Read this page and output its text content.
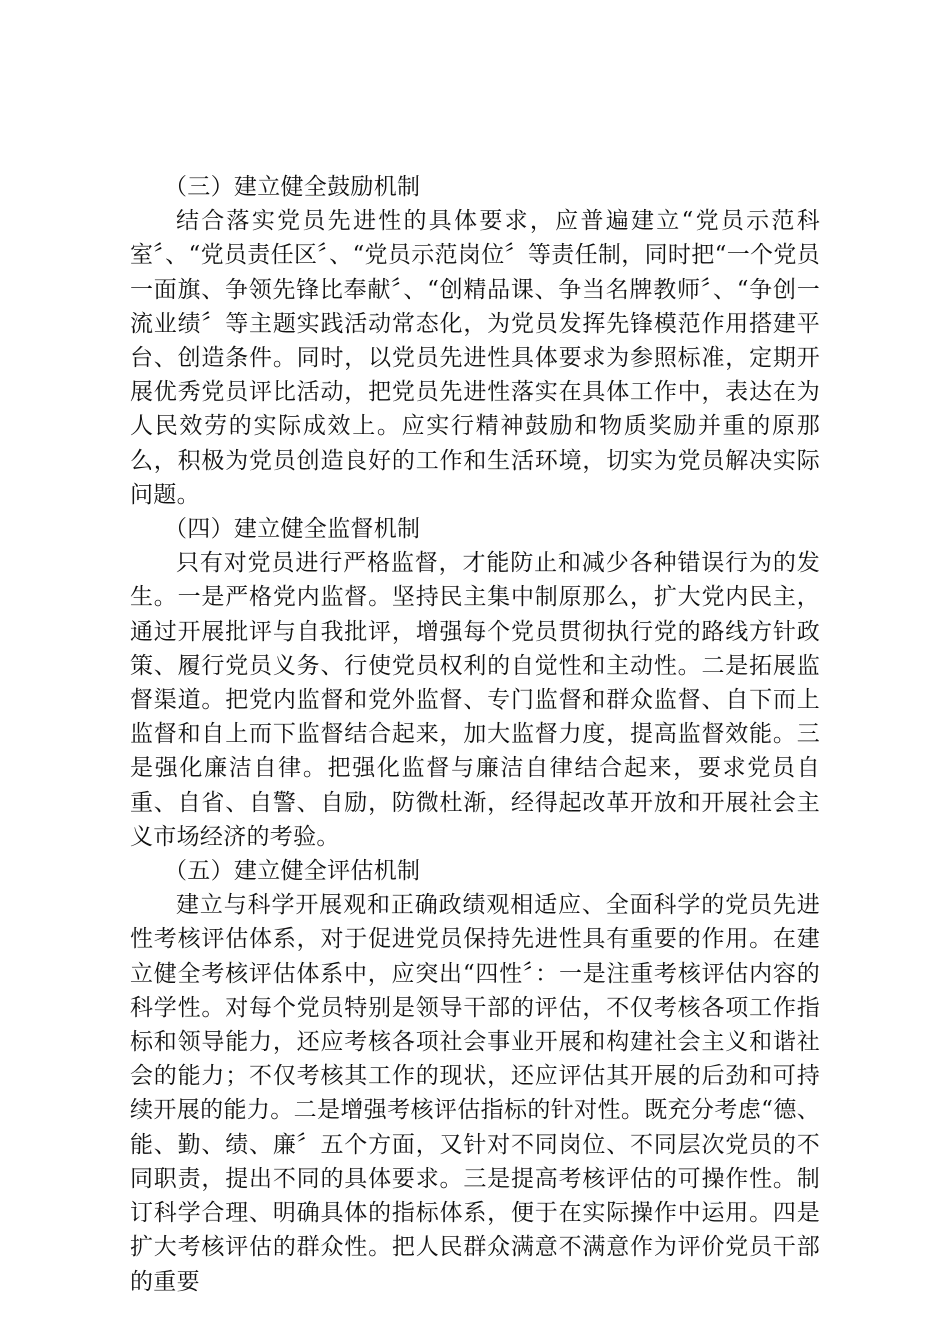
（三）建立健全鼓励机制

结合落实党员先进性的具体要求，应普遍建立“党员示范科室〞、“党员责任区〞、“党员示范岗位〞等责任制，同时把“一个党员一面旗、争领先锋比奉献〞、“创精品课、争当名牌教师〞、“争创一流业绩〞等主题实践活动常态化，为党员发挥先锋模范作用搭建平台、创造条件。同时，以党员先进性具体要求为参照标准，定期开展优秀党员评比活动，把党员先进性落实在具体工作中，表达在为人民效劳的实际成效上。应实行精神鼓励和物质奖励并重的原那么，积极为党员创造良好的工作和生活环境，切实为党员解决实际问题。

（四）建立健全监督机制

只有对党员进行严格监督，才能防止和减少各种错误行为的发生。一是严格党内监督。坚持民主集中制原那么，扩大党内民主，通过开展批评与自我批评，增强每个党员贯彻执行党的路线方针政策、履行党员义务、行使党员权利的自觉性和主动性。二是拓展监督渠道。把党内监督和党外监督、专门监督和群众监督、自下而上监督和自上而下监督结合起来，加大监督力度，提高监督效能。三是强化廉洁自律。把强化监督与廉洁自律结合起来，要求党员自重、自省、自警、自励，防微杜渐，经得起改革开放和开展社会主义市场经济的考验。

（五）建立健全评估机制

建立与科学开展观和正确政绩观相适应、全面科学的党员先进性考核评估体系，对于促进党员保持先进性具有重要的作用。在建立健全考核评估体系中，应突出“四性〞：一是注重考核评估内容的科学性。对每个党员特别是领导干部的评估，不仅考核各项工作指标和领导能力，还应考核各项社会事业开展和构建社会主义和谐社会的能力；不仅考核其工作的现状，还应评估其开展的后劲和可持续开展的能力。二是增强考核评估指标的针对性。既充分考虑“德、能、勤、绩、廉〞五个方面，又针对不同岗位、不同层次党员的不同职责，提出不同的具体要求。三是提高考核评估的可操作性。制订科学合理、明确具体的指标体系，便于在实际操作中运用。四是扩大考核评估的群众性。把人民群众满意不满意作为评价党员干部的重要
